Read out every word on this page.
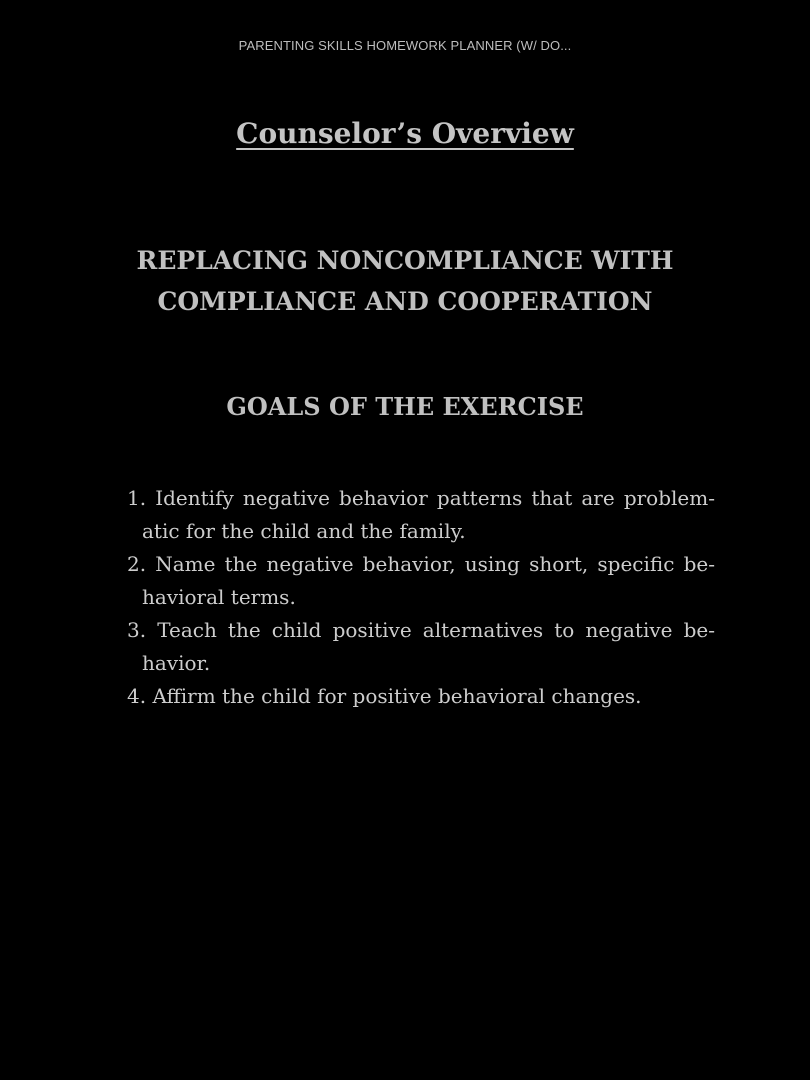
PARENTING SKILLS HOMEWORK PLANNER (W/ DO...
Counselor’s Overview
REPLACING NONCOMPLIANCE WITH COMPLIANCE AND COOPERATION
GOALS OF THE EXERCISE
1. Identify negative behavior patterns that are problematic for the child and the family.
2. Name the negative behavior, using short, specific behavioral terms.
3. Teach the child positive alternatives to negative behavior.
4. Affirm the child for positive behavioral changes.
